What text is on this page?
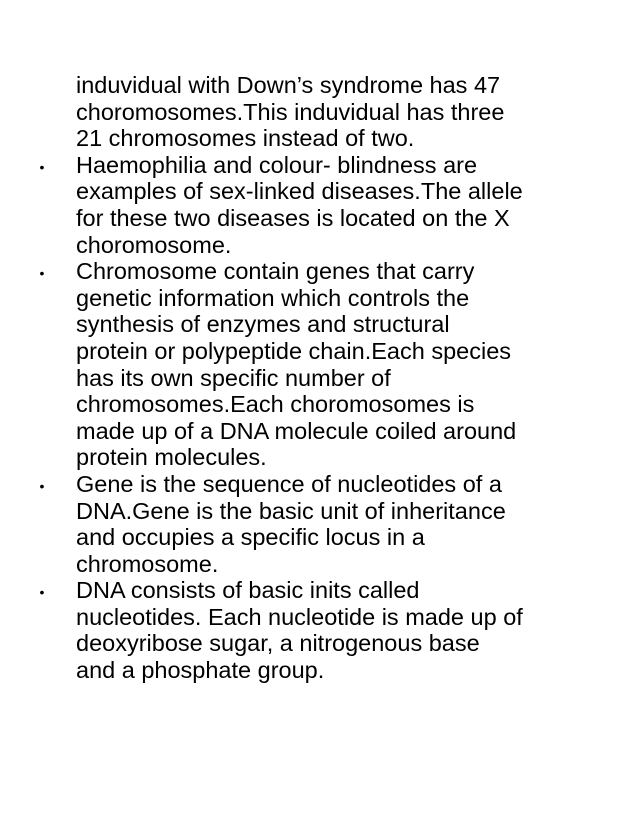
induvidual with Down’s syndrome has 47
choromosomes.This induvidual has three
21 chromosomes instead of two.
•	Haemophilia and colour- blindness are
examples of sex-linked diseases.The allele
for these two diseases is located on the X
choromosome.
•	Chromosome contain genes that carry
genetic information which controls the
synthesis of enzymes and structural
protein or polypeptide chain.Each species
has its own specific number of
chromosomes.Each choromosomes is
made up of a DNA molecule coiled around
protein molecules.
•	Gene is the sequence of nucleotides of a
DNA.Gene is the basic unit of inheritance
and occupies a specific locus in a
chromosome.
•	DNA consists of basic inits called
nucleotides. Each nucleotide is made up of
deoxyribose sugar, a nitrogenous base
and a phosphate group.
